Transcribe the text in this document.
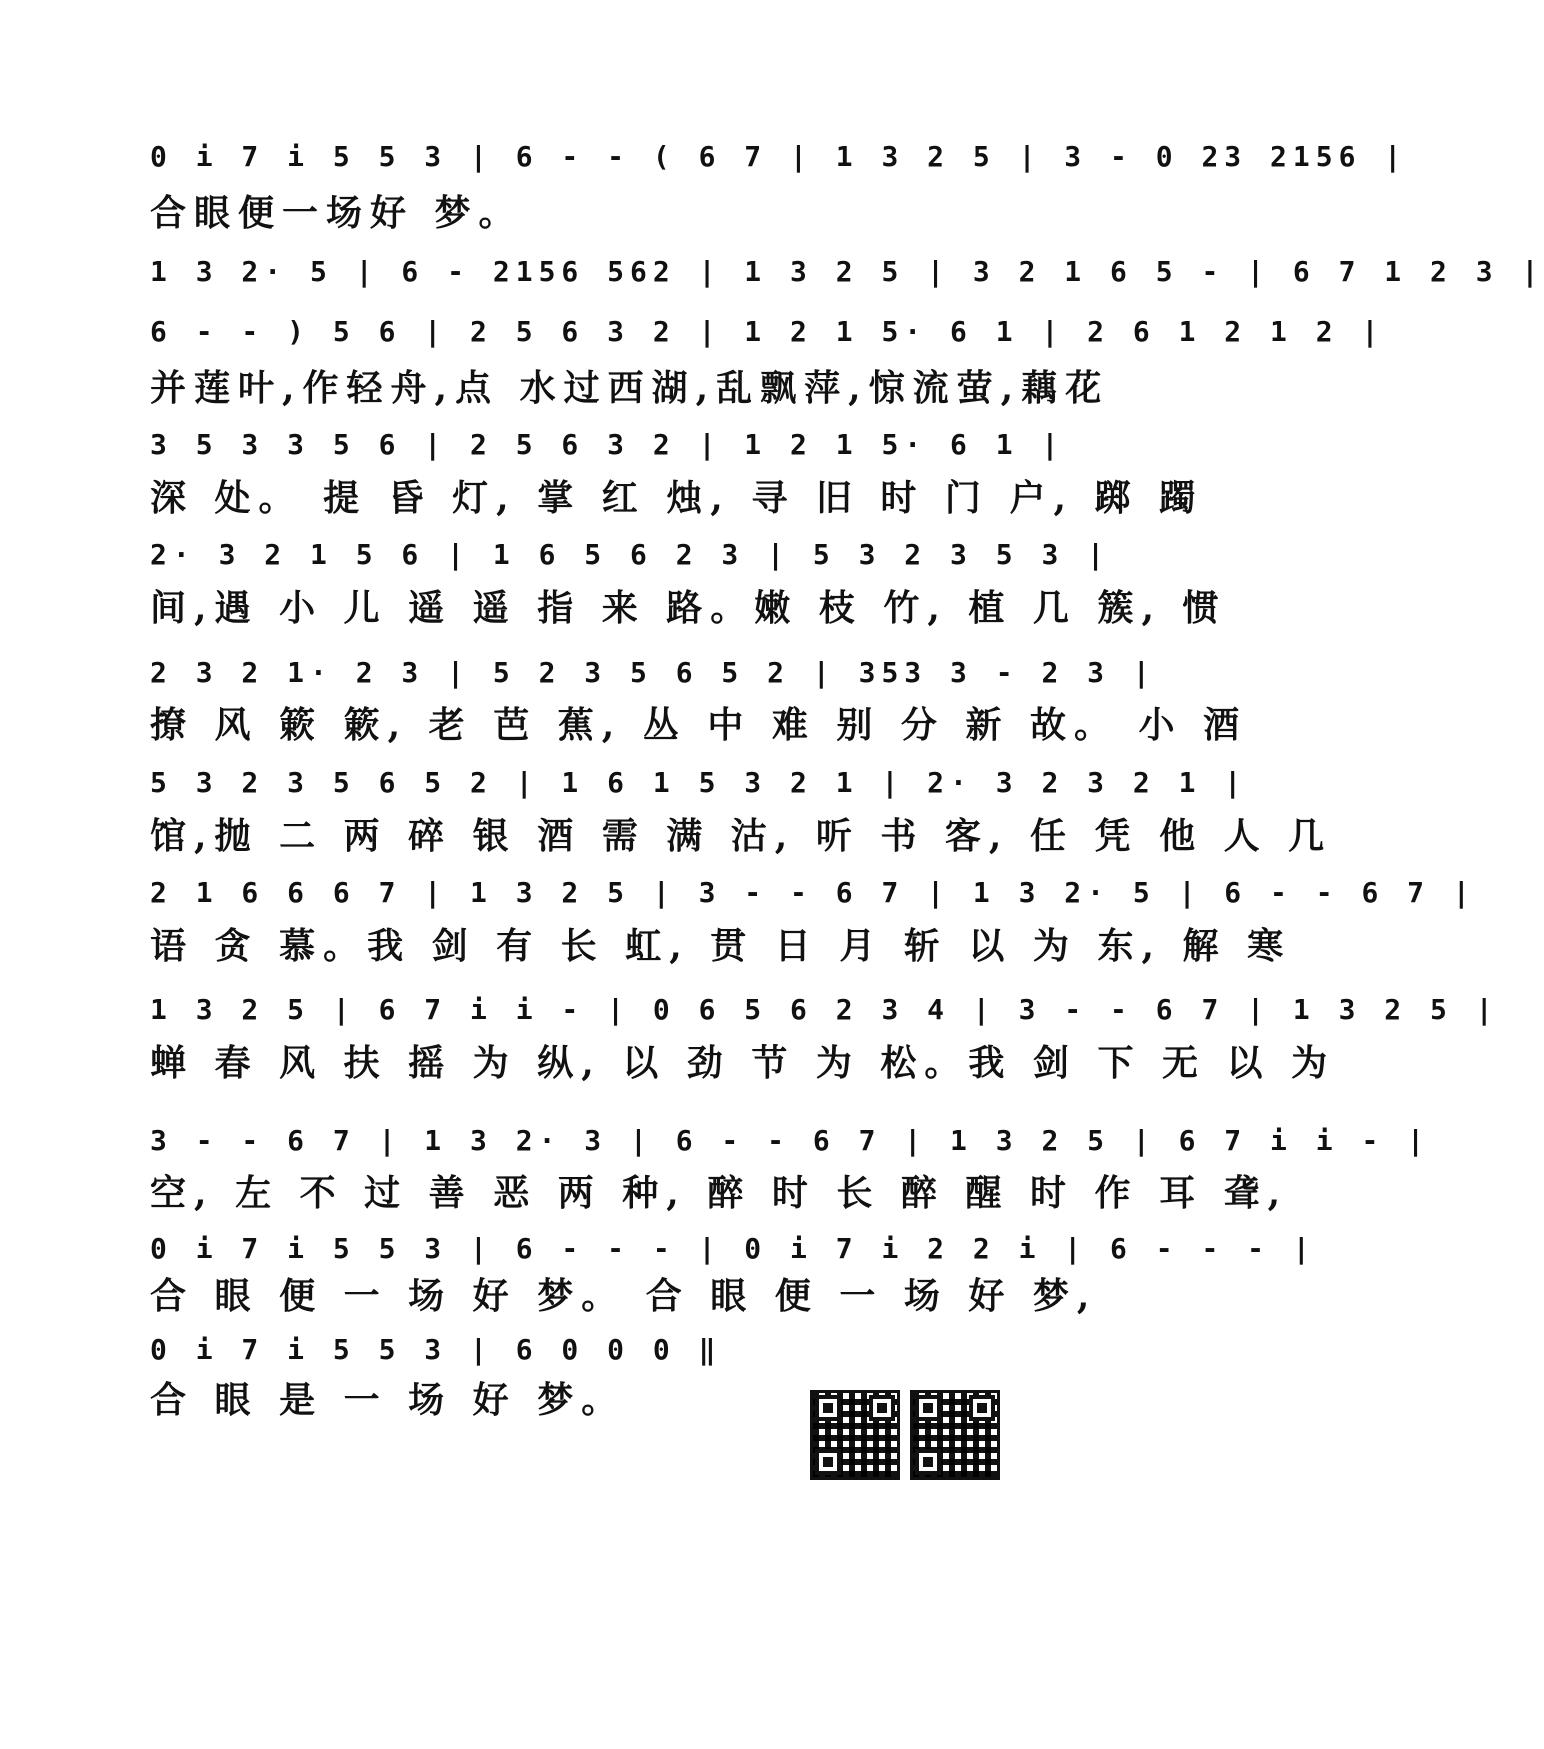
0 i 7 i 5 5 3 | 6 - - ( 6 7 | 1 3 2 5 | 3 - 0 23 2156 |
合眼便一场好 梦。
1 3 2· 5 | 6 - 2156 562 | 1 3 2 5 | 3 2 1 6 5 - | 6 7 1 2 3 |
6 - - ) 5 6 | 2 5 6 3 2 | 1 2 1 5· 6 1 | 2 6 1 2 1 2 |
并莲叶,作轻舟,点 水过西湖,乱飘萍,惊流萤,藕花
3 5 3 3 5 6 | 2 5 6 3 2 | 1 2 1 5· 6 1 |
深 处。 提 昏 灯, 掌 红 烛, 寻 旧 时 门 户, 踯 躅
2· 3 2 1 5 6 | 1 6 5 6 2 3 | 5 3 2 3 5 3 |
间,遇 小 儿 遥 遥 指 来 路。嫩 枝 竹, 植 几 簇, 惯
2 3 2 1· 2 3 | 5 2 3 5 6 5 2 | 353 3 - 2 3 |
撩 风 簌 簌, 老 芭 蕉, 丛 中 难 别 分 新 故。 小 酒
5 3 2 3 5 6 5 2 | 1 6 1 5 3 2 1 | 2· 3 2 3 2 1 |
馆,抛 二 两 碎 银 酒 需 满 沽, 听 书 客, 任 凭 他 人 几
2 1 6 6 6 7 | 1 3 2 5 | 3 - - 6 7 | 1 3 2· 5 | 6 - - 6 7 |
语 贪 慕。我 剑 有 长 虹, 贯 日 月 斩 以 为 东, 解 寒
1 3 2 5 | 6 7 i i - | 0 6 5 6 2 3 4 | 3 - - 6 7 | 1 3 2 5 |
蝉 春 风 扶 摇 为 纵, 以 劲 节 为 松。我 剑 下 无 以 为
3 - - 6 7 | 1 3 2· 3 | 6 - - 6 7 | 1 3 2 5 | 6 7 i i - |
空, 左 不 过 善 恶 两 种, 醉 时 长 醉 醒 时 作 耳 聋,
0 i 7 i 5 5 3 | 6 - - - | 0 i 7 i 2 2 i | 6 - - - |
合 眼 便 一 场 好 梦。 合 眼 便 一 场 好 梦,
0 i 7 i 5 5 3 | 6 0 0 0 ‖
合 眼 是 一 场 好 梦。
